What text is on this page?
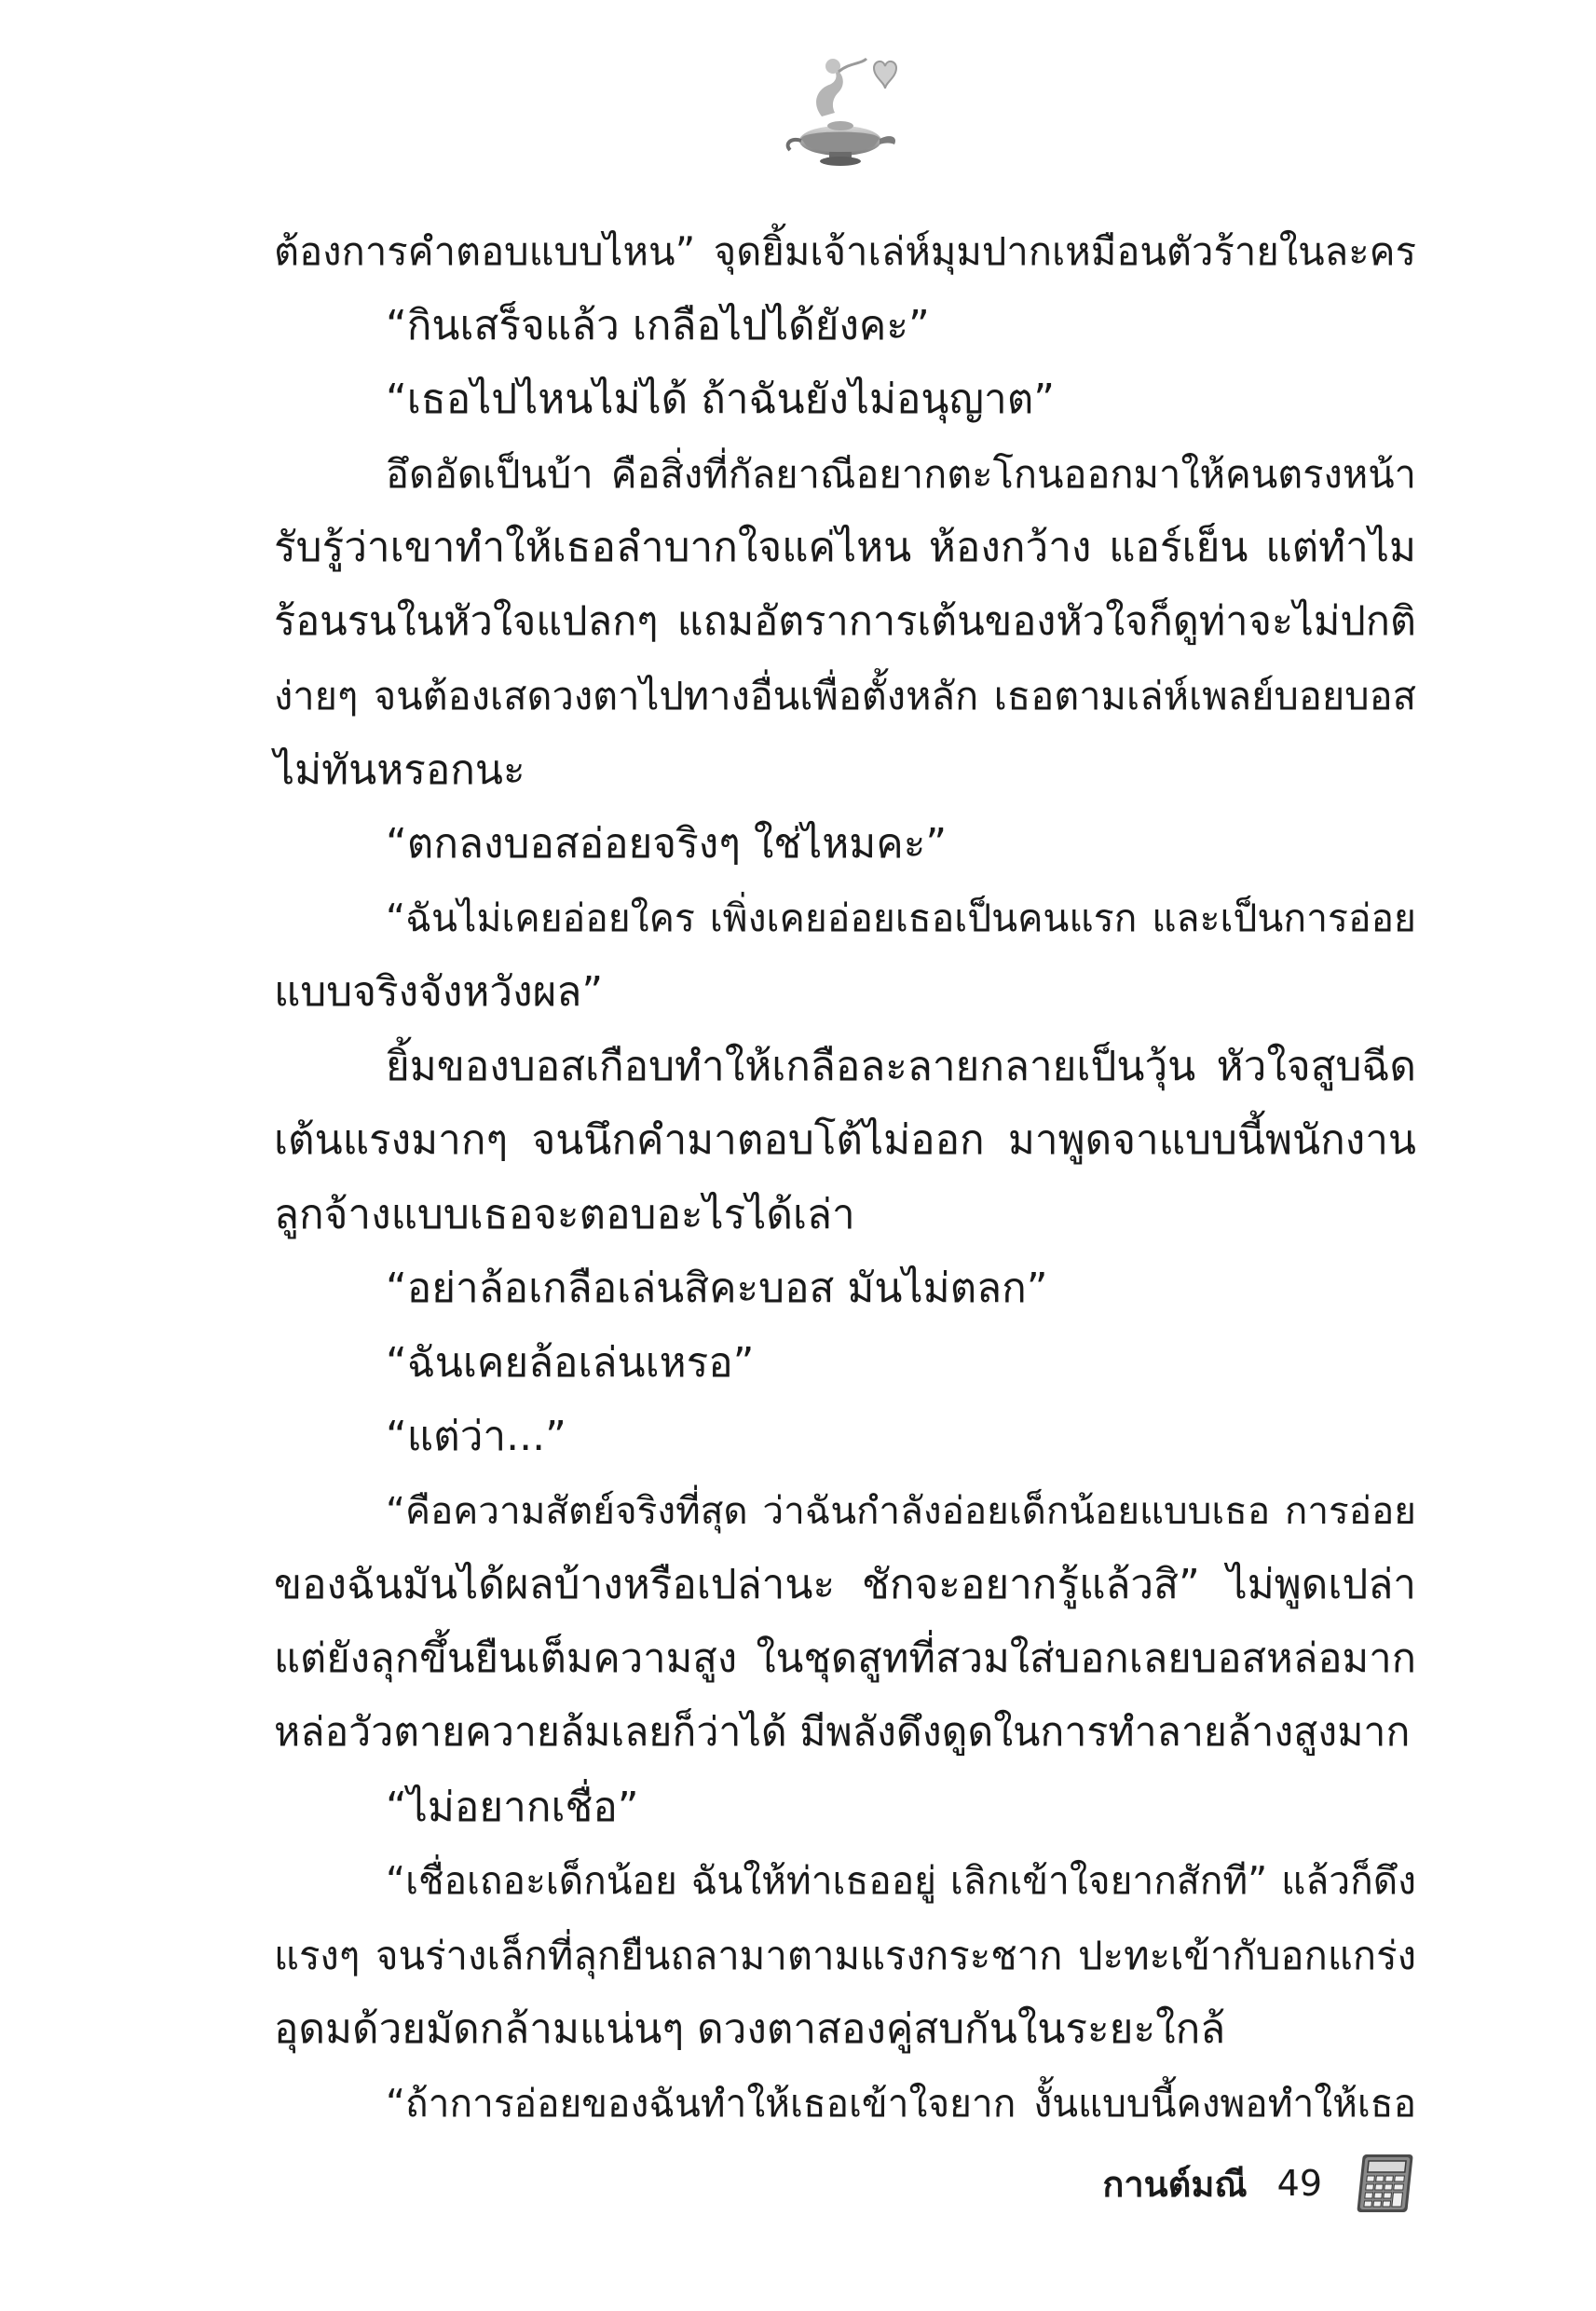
ต้องการคำตอบแบบไหน” จุดยิ้มเจ้าเล่ห์มุมปากเหมือนตัวร้ายในละคร
“กินเสร็จแล้ว เกลือไปได้ยังคะ”
“เธอไปไหนไม่ได้ ถ้าฉันยังไม่อนุญาต”
อึดอัดเป็นบ้า คือสิ่งที่กัลยาณีอยากตะโกนออกมาให้คนตรงหน้า
รับรู้ว่าเขาทำให้เธอลำบากใจแค่ไหน ห้องกว้าง แอร์เย็น แต่ทำไม
ร้อนรนในหัวใจแปลกๆ แถมอัตราการเต้นของหัวใจก็ดูท่าจะไม่ปกติ
ง่ายๆ จนต้องเสดวงตาไปทางอื่นเพื่อตั้งหลัก เธอตามเล่ห์เพลย์บอยบอส
ไม่ทันหรอกนะ
“ตกลงบอสอ่อยจริงๆ ใช่ไหมคะ”
“ฉันไม่เคยอ่อยใคร เพิ่งเคยอ่อยเธอเป็นคนแรก และเป็นการอ่อย
แบบจริงจังหวังผล”
ยิ้มของบอสเกือบทำให้เกลือละลายกลายเป็นวุ้น หัวใจสูบฉีด
เต้นแรงมากๆ จนนึกคำมาตอบโต้ไม่ออก มาพูดจาแบบนี้พนักงาน
ลูกจ้างแบบเธอจะตอบอะไรได้เล่า
“อย่าล้อเกลือเล่นสิคะบอส มันไม่ตลก”
“ฉันเคยล้อเล่นเหรอ”
“แต่ว่า...”
“คือความสัตย์จริงที่สุด ว่าฉันกำลังอ่อยเด็กน้อยแบบเธอ การอ่อย
ของฉันมันได้ผลบ้างหรือเปล่านะ ชักจะอยากรู้แล้วสิ” ไม่พูดเปล่า
แต่ยังลุกขึ้นยืนเต็มความสูง ในชุดสูทที่สวมใส่บอกเลยบอสหล่อมาก
หล่อวัวตายควายล้มเลยก็ว่าได้ มีพลังดึงดูดในการทำลายล้างสูงมาก
“ไม่อยากเชื่อ”
“เชื่อเถอะเด็กน้อย ฉันให้ท่าเธออยู่ เลิกเข้าใจยากสักที” แล้วก็ดึง
แรงๆ จนร่างเล็กที่ลุกยืนถลามาตามแรงกระชาก ปะทะเข้ากับอกแกร่ง
อุดมด้วยมัดกล้ามแน่นๆ ดวงตาสองคู่สบกันในระยะใกล้
“ถ้าการอ่อยของฉันทำให้เธอเข้าใจยาก งั้นแบบนี้คงพอทำให้เธอ
กานต์มณี 49
